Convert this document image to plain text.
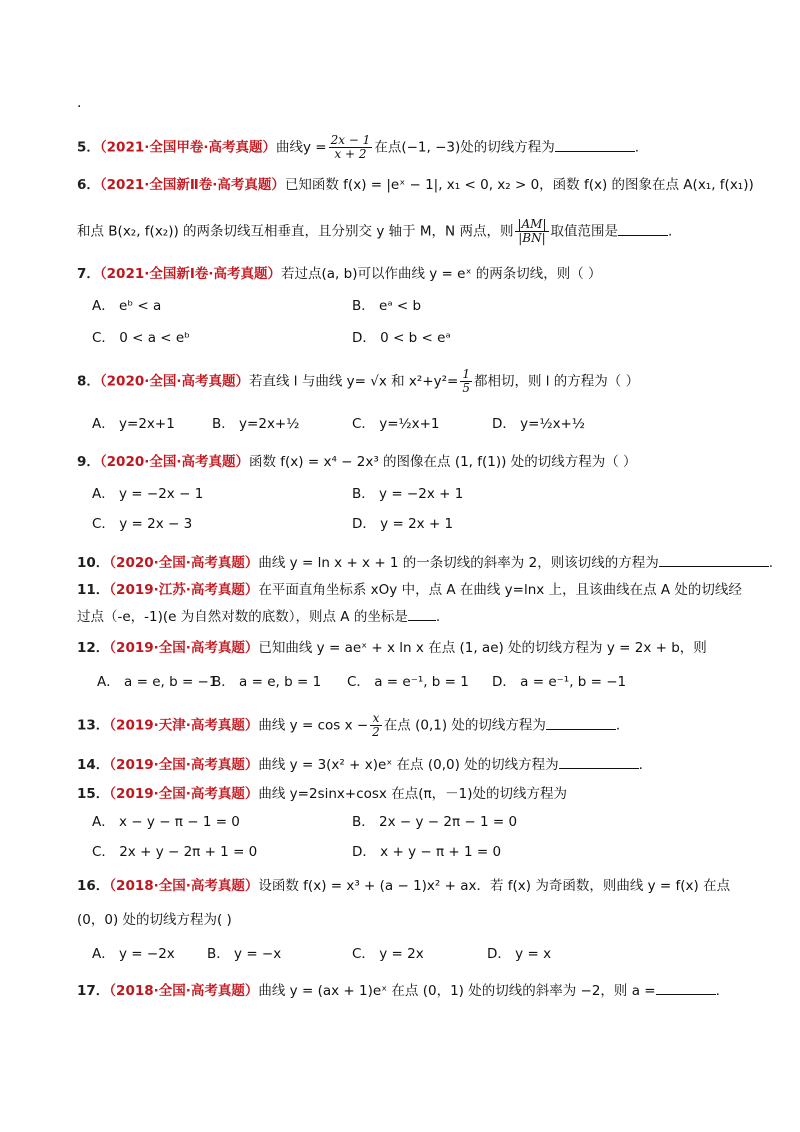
.
5．（2021·全国甲卷·高考真题）曲线$y = \frac{2x - 1}{x + 2}$ 在点(−1, −3)处的切线方程为	.
6．（2021·全国新Ⅱ卷·高考真题）已知函数 f(x) = |eˣ − 1|, x₁ < 0, x₂ > 0，函数 f(x) 的图象在点 A(x₁, f(x₁))
和点 B(x₂, f(x₂)) 的两条切线互相垂直，且分别交 y 轴于 M，N 两点，则 $\frac{|AM|}{|BN|}$ 取值范围是	.
7．（2021·全国新Ⅰ卷·高考真题）若过点(a, b)可以作曲线 y = eˣ 的两条切线，则（ ）
A． eᵇ < a	B． eᵃ < b
C． 0 < a < eᵇ	D． 0 < b < eᵃ
8．（2020·全国·高考真题）若直线 l 与曲线 y= √x 和 $x^2+y^2= \frac{1}{5}$ 都相切，则 l 的方程为（ ）
A． y=2x+1	B． y=2x+½	C． y=½x+1	D． y=½x+½
9．（2020·全国·高考真题）函数 f(x) = x⁴ − 2x³ 的图像在点 (1, f(1)) 处的切线方程为（ ）
A． y = −2x − 1	B． y = −2x + 1
C． y = 2x − 3	D． y = 2x + 1
10．（2020·全国·高考真题）曲线 y = ln x + x + 1 的一条切线的斜率为 2，则该切线的方程为	.
11．（2019·江苏·高考真题）在平面直角坐标系 xOy 中，点 A 在曲线 y=lnx 上，且该曲线在点 A 处的切线经
过点（-e，-1)(e 为自然对数的底数），则点 A 的坐标是 .
12．（2019·全国·高考真题）已知曲线 y = aeˣ + x ln x 在点 (1, ae) 处的切线方程为 y = 2x + b，则
A． a = e, b = −1
B． a = e, b = 1 C． a = e⁻¹, b = 1 D． a = e⁻¹, b = −1
13．（2019·天津·高考真题）曲线 $y = \cos x - \frac{x}{2}$ 在点 (0,1) 处的切线方程为	.
14．（2019·全国·高考真题）曲线 y = 3(x² + x)eˣ 在点 (0,0) 处的切线方程为	.
15．（2019·全国·高考真题）曲线 y=2sinx+cosx 在点(π，－1)处的切线方程为
A． x − y − π − 1 = 0	B． 2x − y − 2π − 1 = 0
C． 2x + y − 2π + 1 = 0	D． x + y − π + 1 = 0
16．（2018·全国·高考真题）设函数 f(x) = x³ + (a − 1)x² + ax．若 f(x) 为奇函数，则曲线 y = f(x) 在点
(0，0) 处的切线方程为( )
A． y = −2x B． y = −x	C． y = 2x	D． y = x
17．（2018·全国·高考真题）曲线 y = (ax + 1)eˣ 在点 (0，1) 处的切线的斜率为 −2，则 a =	.
